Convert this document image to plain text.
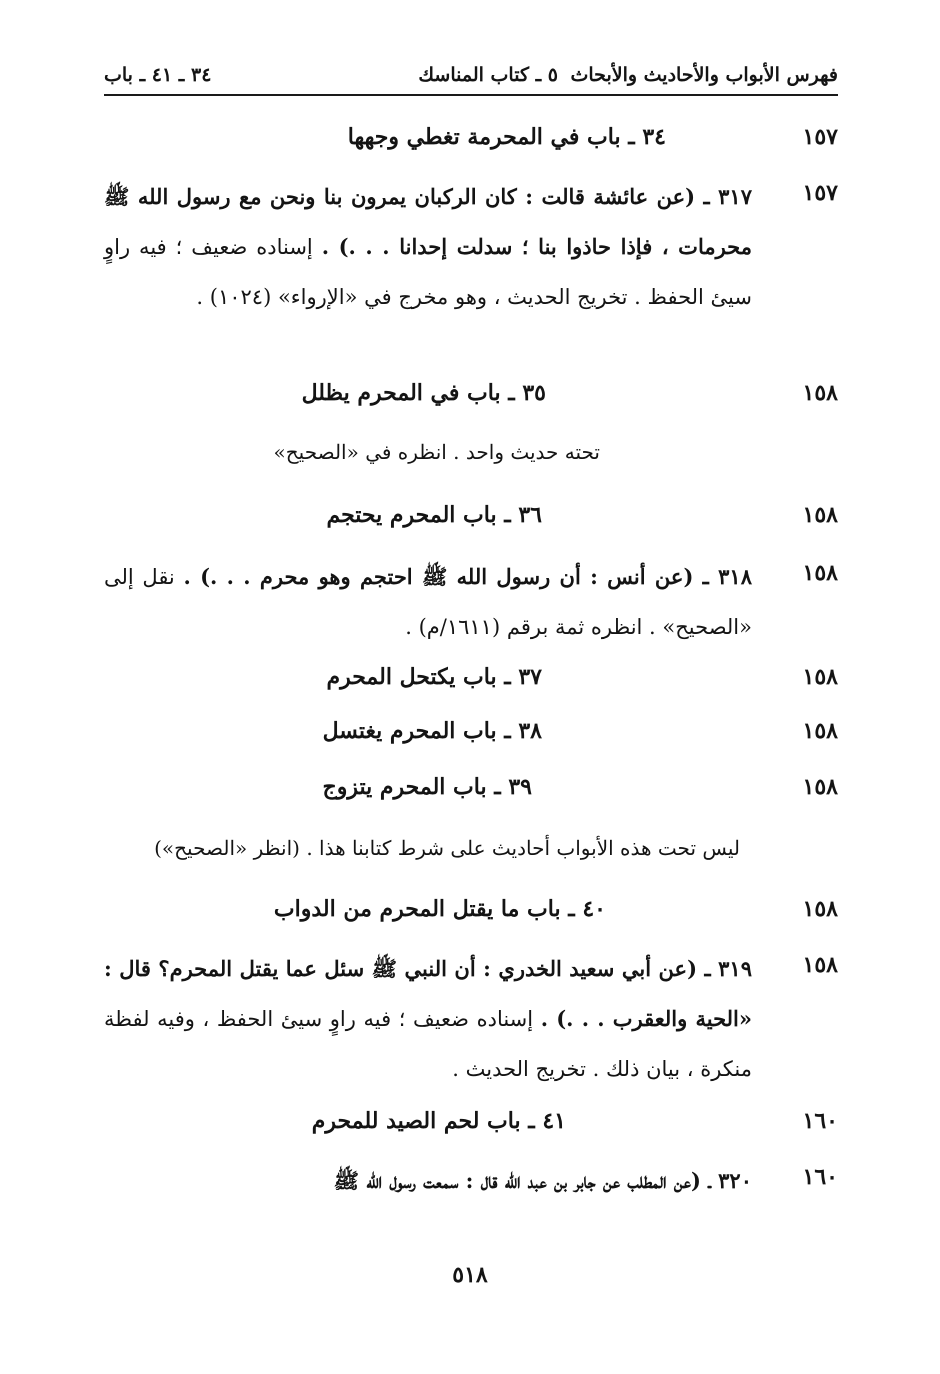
فهرس الأبواب والأحاديث والأبحاث
٥ ـ كتاب المناسك
٣٤ ـ ٤١ ـ باب
١٥٧
٣٤ ـ باب في المحرمة تغطي وجهها
١٥٧
٣١٧ ـ (عن عائشة قالت : كان الركبان يمرون بنا ونحن مع رسول الله ﷺ محرمات ، فإذا حاذوا بنا ؛ سدلت إحدانا . . .) . إسناده ضعيف ؛ فيه راوٍ سيئ الحفظ . تخريج الحديث ، وهو مخرج في «الإرواء» (١٠٢٤) .
١٥٨
٣٥ ـ باب في المحرم يظلل
تحته حديث واحد . انظره في «الصحيح»
١٥٨
٣٦ ـ باب المحرم يحتجم
١٥٨
٣١٨ ـ (عن أنس : أن رسول الله ﷺ احتجم وهو محرم . . .) . نقل إلى «الصحيح» . انظره ثمة برقم (١٦١١/م) .
١٥٨
٣٧ ـ باب يكتحل المحرم
١٥٨
٣٨ ـ باب المحرم يغتسل
١٥٨
٣٩ ـ باب المحرم يتزوج
ليس تحت هذه الأبواب أحاديث على شرط كتابنا هذا . (انظر «الصحيح»)
١٥٨
٤٠ ـ باب ما يقتل المحرم من الدواب
١٥٨
٣١٩ ـ (عن أبي سعيد الخدري : أن النبي ﷺ سئل عما يقتل المحرم؟ قال : «الحية والعقرب . . .) . إسناده ضعيف ؛ فيه راوٍ سيئ الحفظ ، وفيه لفظة منكرة ، بيان ذلك . تخريج الحديث .
١٦٠
٤١ ـ باب لحم الصيد للمحرم
١٦٠
٣٢٠ ـ (عن المطلب عن جابر بن عبد الله قال : سمعت رسول الله ﷺ
٥١٨
